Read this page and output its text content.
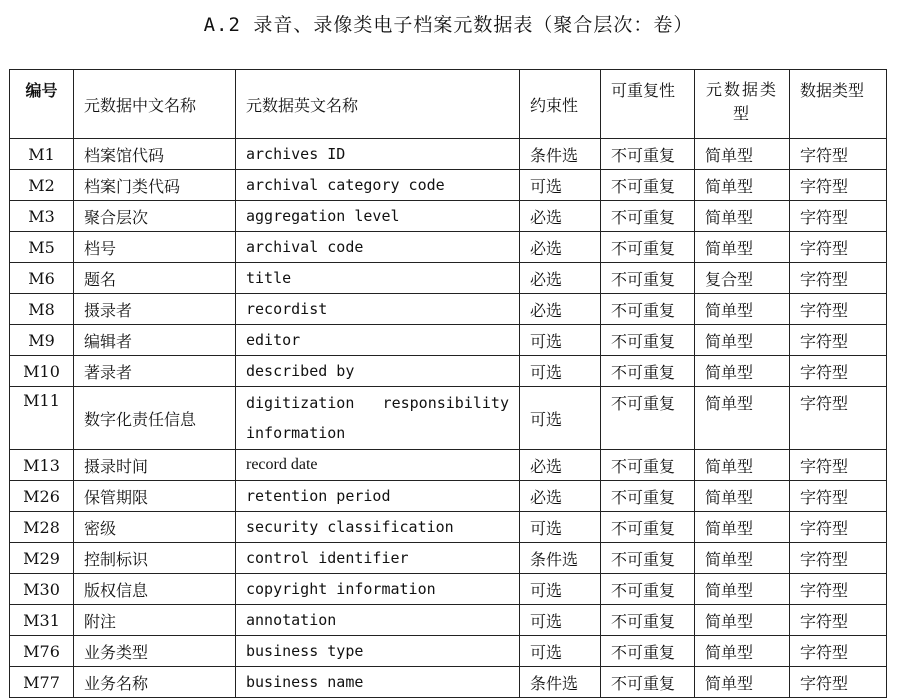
A.2 录音、录像类电子档案元数据表（聚合层次：卷）
编号	元数据中文名称	元数据英文名称	约束性	可重复性	元数据类型	数据类型
M1	档案馆代码	archives ID	条件选	不可重复	简单型	字符型
M2	档案门类代码	archival category code	可选	不可重复	简单型	字符型
M3	聚合层次	aggregation level	必选	不可重复	简单型	字符型
M5	档号	archival code	必选	不可重复	简单型	字符型
M6	题名	title	必选	不可重复	复合型	字符型
M8	摄录者	recordist	必选	不可重复	简单型	字符型
M9	编辑者	editor	可选	不可重复	简单型	字符型
M10	著录者	described by	可选	不可重复	简单型	字符型
M11	数字化责任信息	digitization responsibility information	可选	不可重复	简单型	字符型
M13	摄录时间	record date	必选	不可重复	简单型	字符型
M26	保管期限	retention period	必选	不可重复	简单型	字符型
M28	密级	security classification	可选	不可重复	简单型	字符型
M29	控制标识	control identifier	条件选	不可重复	简单型	字符型
M30	版权信息	copyright information	可选	不可重复	简单型	字符型
M31	附注	annotation	可选	不可重复	简单型	字符型
M76	业务类型	business type	可选	不可重复	简单型	字符型
M77	业务名称	business name	条件选	不可重复	简单型	字符型
